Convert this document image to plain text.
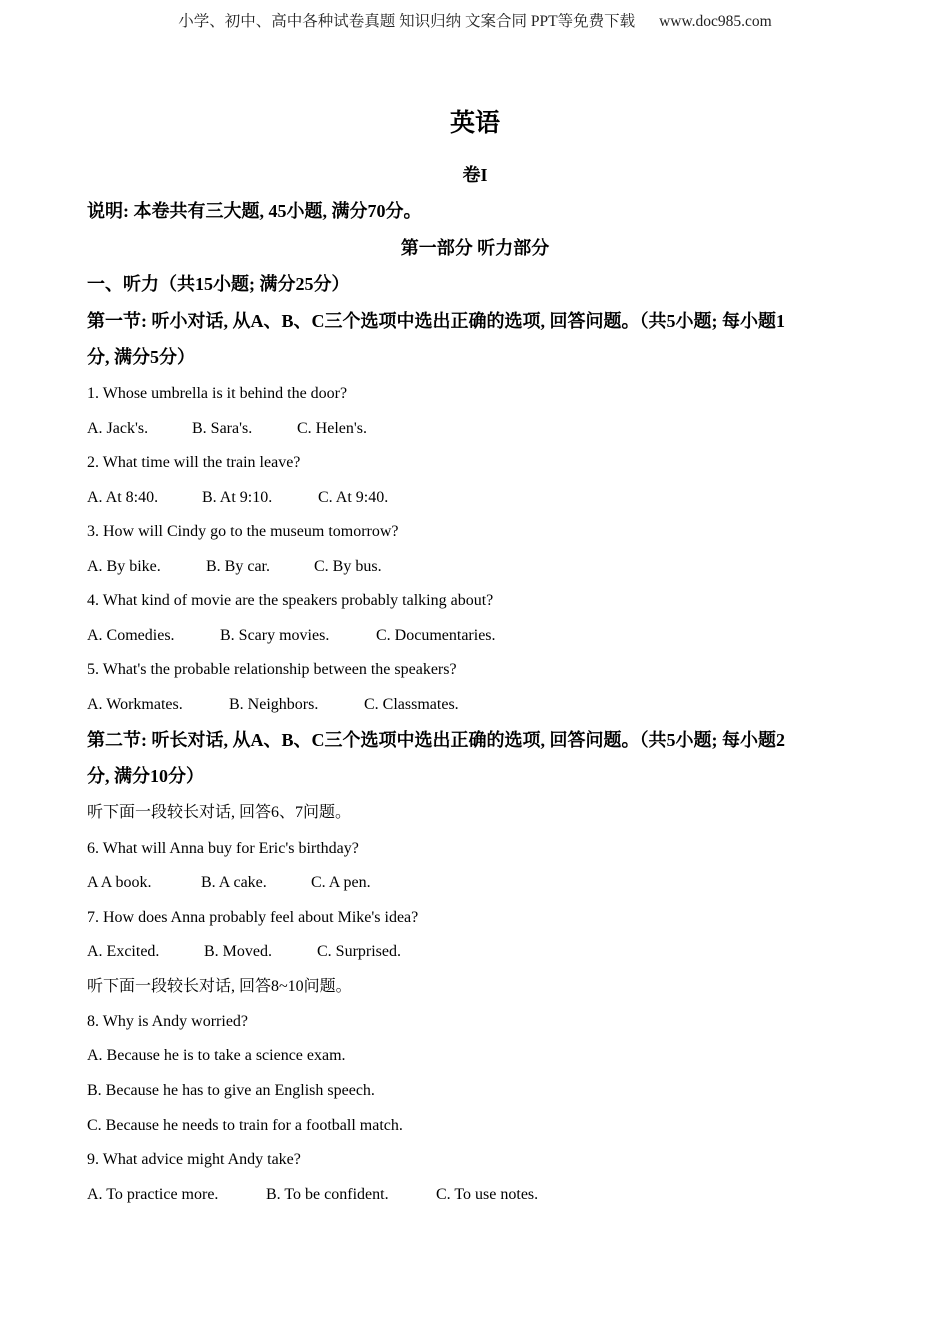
小学、初中、高中各种试卷真题 知识归纳 文案合同 PPT等免费下载 www.doc985.com
英语
卷I
说明: 本卷共有三大题, 45小题, 满分70分。
第一部分 听力部分
一、听力（共15小题; 满分25分）
第一节: 听小对话, 从A、B、C三个选项中选出正确的选项, 回答问题。（共5小题; 每小题1
分, 满分5分）
1. Whose umbrella is it behind the door?
A. Jack's.	B. Sara's.	C. Helen's.
2. What time will the train leave?
A. At 8:40.	B. At 9:10.	C. At 9:40.
3. How will Cindy go to the museum tomorrow?
A. By bike.	B. By car.	C. By bus.
4. What kind of movie are the speakers probably talking about?
A. Comedies.	B. Scary movies.	C. Documentaries.
5. What's the probable relationship between the speakers?
A. Workmates.	B. Neighbors.	C. Classmates.
第二节: 听长对话, 从A、B、C三个选项中选出正确的选项, 回答问题。（共5小题; 每小题2
分, 满分10分）
听下面一段较长对话, 回答6、7问题。
6. What will Anna buy for Eric's birthday?
A A book.	B. A cake.	C. A pen.
7. How does Anna probably feel about Mike's idea?
A. Excited.	B. Moved.	C. Surprised.
听下面一段较长对话, 回答8~10问题。
8. Why is Andy worried?
A. Because he is to take a science exam.
B. Because he has to give an English speech.
C. Because he needs to train for a football match.
9. What advice might Andy take?
A. To practice more.	B. To be confident.	C. To use notes.
